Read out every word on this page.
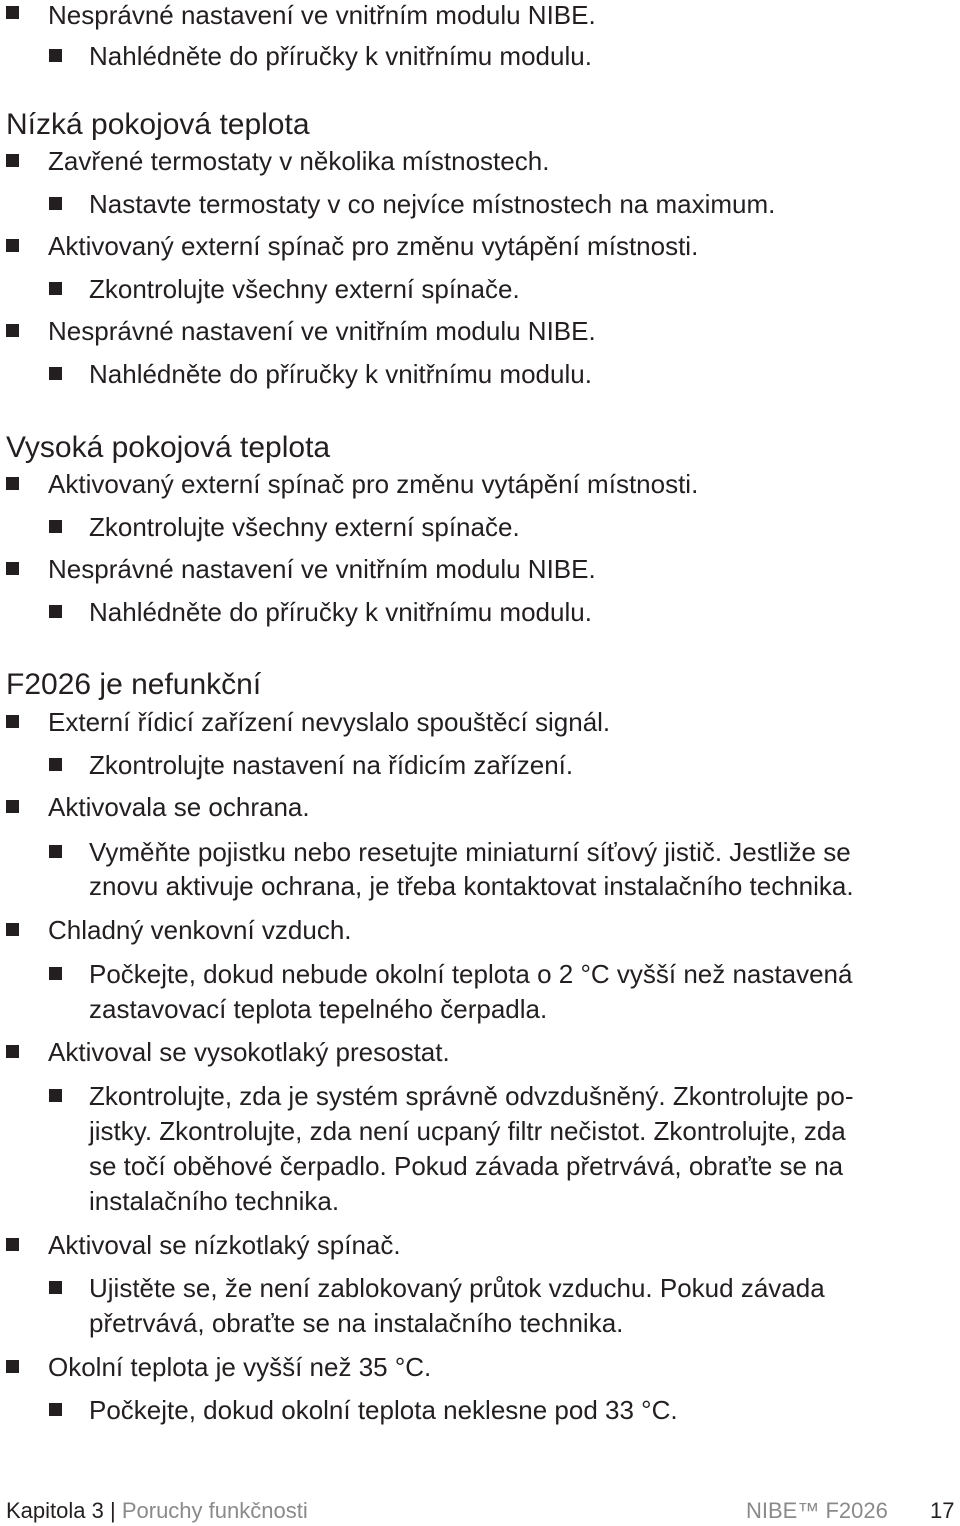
Nesprávné nastavení ve vnitřním modulu NIBE.
Nahlédněte do příručky k vnitřnímu modulu.
Nízká pokojová teplota
Zavřené termostaty v několika místnostech.
Nastavte termostaty v co nejvíce místnostech na maximum.
Aktivovaný externí spínač pro změnu vytápění místnosti.
Zkontrolujte všechny externí spínače.
Nesprávné nastavení ve vnitřním modulu NIBE.
Nahlédněte do příručky k vnitřnímu modulu.
Vysoká pokojová teplota
Aktivovaný externí spínač pro změnu vytápění místnosti.
Zkontrolujte všechny externí spínače.
Nesprávné nastavení ve vnitřním modulu NIBE.
Nahlédněte do příručky k vnitřnímu modulu.
F2026 je nefunkční
Externí řídicí zařízení nevyslalo spouštěcí signál.
Zkontrolujte nastavení na řídicím zařízení.
Aktivovala se ochrana.
Vyměňte pojistku nebo resetujte miniaturní síťový jistič. Jestliže se
znovu aktivuje ochrana, je třeba kontaktovat instalačního technika.
Chladný venkovní vzduch.
Počkejte, dokud nebude okolní teplota o 2 °C vyšší než nastavená
zastavovací teplota tepelného čerpadla.
Aktivoval se vysokotlaký presostat.
Zkontrolujte, zda je systém správně odvzdušněný. Zkontrolujte po-
jistky. Zkontrolujte, zda není ucpaný filtr nečistot. Zkontrolujte, zda
se točí oběhové čerpadlo. Pokud závada přetrvává, obraťte se na
instalačního technika.
Aktivoval se nízkotlaký spínač.
Ujistěte se, že není zablokovaný průtok vzduchu. Pokud závada
přetrvává, obraťte se na instalačního technika.
Okolní teplota je vyšší než 35 °C.
Počkejte, dokud okolní teplota neklesne pod 33 °C.
Kapitola 3 | Poruchy funkčnosti	NIBE™ F2026 17
